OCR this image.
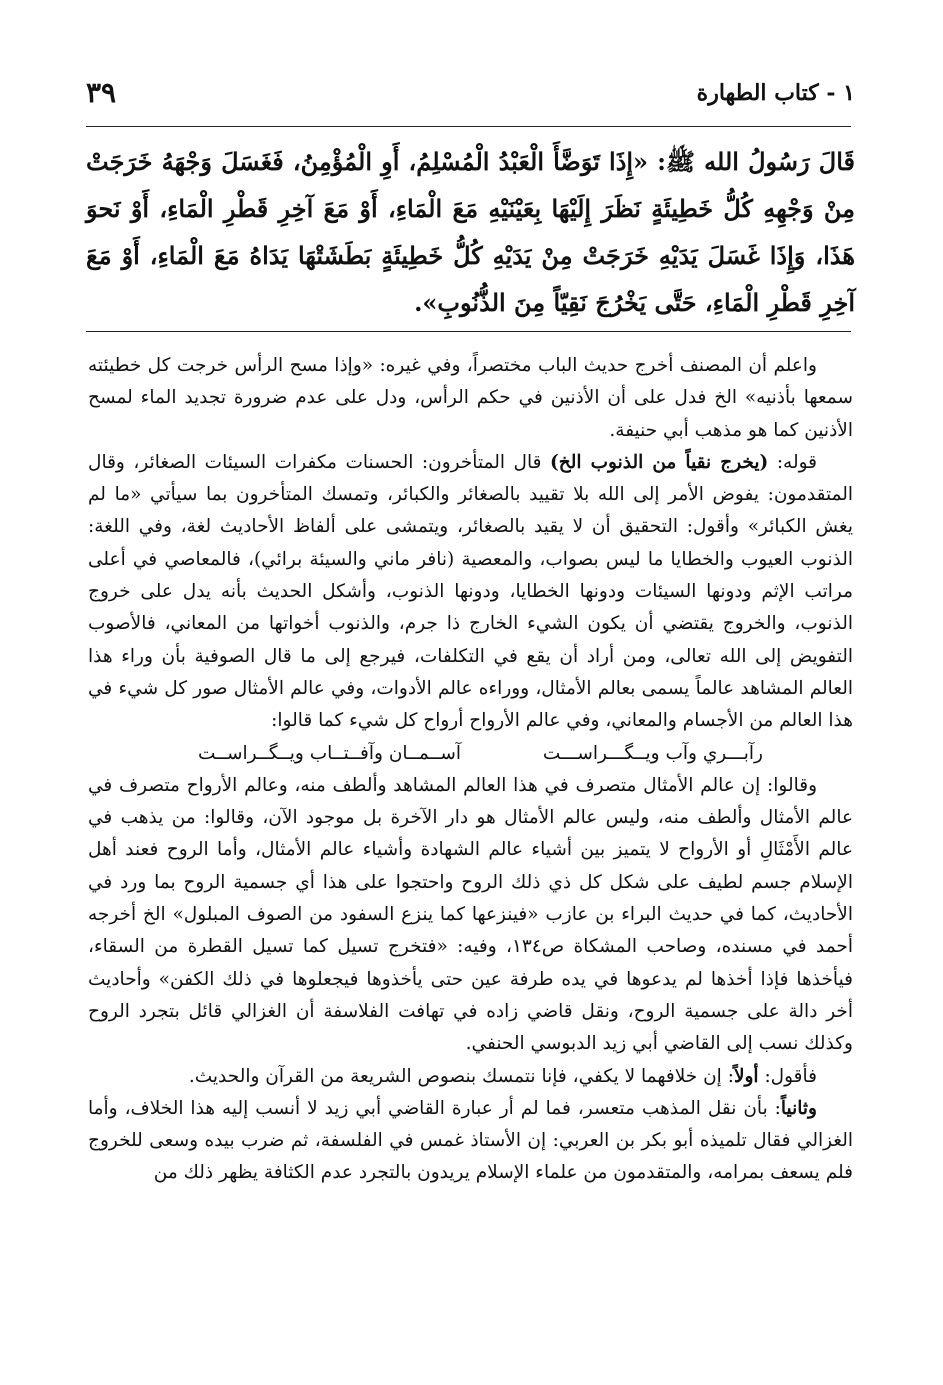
١ - كتاب الطهارة
٣٩
قَالَ رَسُولُ الله ﷺ: «إِذَا تَوَضَّأَ الْعَبْدُ الْمُسْلِمُ، أَوِ الْمُؤْمِنُ، فَغَسَلَ وَجْهَهُ خَرَجَتْ مِنْ وَجْهِهِ كُلُّ خَطِيئَةٍ نَظَرَ إِلَيْهَا بِعَيْنَيْهِ مَعَ الْمَاءِ، أَوْ مَعَ آخِرِ قَطْرِ الْمَاءِ، أَوْ نَحوَ هَذَا، وَإِذَا غَسَلَ يَدَيْهِ خَرَجَتْ مِنْ يَدَيْهِ كُلُّ خَطِيئَةٍ بَطَشَتْهَا يَدَاهُ مَعَ الْمَاءِ، أَوْ مَعَ آخِرِ قَطْرِ الْمَاءِ، حَتَّى يَخْرُجَ نَقِيّاً مِنَ الذُّنُوبِ».

واعلم أن المصنف أخرج حديث الباب مختصراً، وفي غيره: «وإذا مسح الرأس خرجت كل خطيئته سمعها بأذنيه» الخ فدل على أن الأذنين في حكم الرأس، ودل على عدم ضرورة تجديد الماء لمسح الأذنين كما هو مذهب أبي حنيفة.

قوله: (يخرج نقياً من الذنوب الخ) قال المتأخرون: الحسنات مكفرات السيئات الصغائر، وقال المتقدمون: يفوض الأمر إلى الله بلا تقييد بالصغائر والكبائر، وتمسك المتأخرون بما سيأتي «ما لم يغش الكبائر» وأقول: التحقيق أن لا يقيد بالصغائر، ويتمشى على ألفاظ الأحاديث لغة، وفي اللغة: الذنوب العيوب والخطايا ما ليس بصواب، والمعصية (نافر ماني والسيئة برائي)، فالمعاصي في أعلى مراتب الإثم ودونها السيئات ودونها الخطايا، ودونها الذنوب، وأشكل الحديث بأنه يدل على خروج الذنوب، والخروج يقتضي أن يكون الشيء الخارج ذا جرم، والذنوب أخواتها من المعاني، فالأصوب التفويض إلى الله تعالى، ومن أراد أن يقع في التكلفات، فيرجع إلى ما قال الصوفية بأن وراء هذا العالم المشاهد عالماً يسمى بعالم الأمثال، ووراءه عالم الأدوات، وفي عالم الأمثال صور كل شيء في هذا العالم من الأجسام والمعاني، وفي عالم الأرواح أرواح كل شيء كما قالوا:

رآبـــري وآب ويــگـــراســـت
آســمــان وآفــتــاب ويــگــراســت

وقالوا: إن عالم الأمثال متصرف في هذا العالم المشاهد وألطف منه، وعالم الأرواح متصرف في عالم الأمثال وألطف منه، وليس عالم الأمثال هو دار الآخرة بل موجود الآن، وقالوا: من يذهب في عالم الأَمْثَالِ أو الأرواح لا يتميز بين أشياء عالم الشهادة وأشياء عالم الأمثال، وأما الروح فعند أهل الإسلام جسم لطيف على شكل كل ذي ذلك الروح واحتجوا على هذا أي جسمية الروح بما ورد في الأحاديث، كما في حديث البراء بن عازب «فينزعها كما ينزع السفود من الصوف المبلول» الخ أخرجه أحمد في مسنده، وصاحب المشكاة ص١٣٤، وفيه: «فتخرج تسيل كما تسيل القطرة من السقاء، فيأخذها فإذا أخذها لم يدعوها في يده طرفة عين حتى يأخذوها فيجعلوها في ذلك الكفن» وأحاديث أخر دالة على جسمية الروح، ونقل قاضي زاده في تهافت الفلاسفة أن الغزالي قائل بتجرد الروح وكذلك نسب إلى القاضي أبي زيد الدبوسي الحنفي.

فأقول: أولاً: إن خلافهما لا يكفي، فإنا نتمسك بنصوص الشريعة من القرآن والحديث.

وثانياً: بأن نقل المذهب متعسر، فما لم أر عبارة القاضي أبي زيد لا أنسب إليه هذا الخلاف، وأما الغزالي فقال تلميذه أبو بكر بن العربي: إن الأستاذ غمس في الفلسفة، ثم ضرب بيده وسعى للخروج فلم يسعف بمرامه، والمتقدمون من علماء الإسلام يريدون بالتجرد عدم الكثافة يظهر ذلك من
